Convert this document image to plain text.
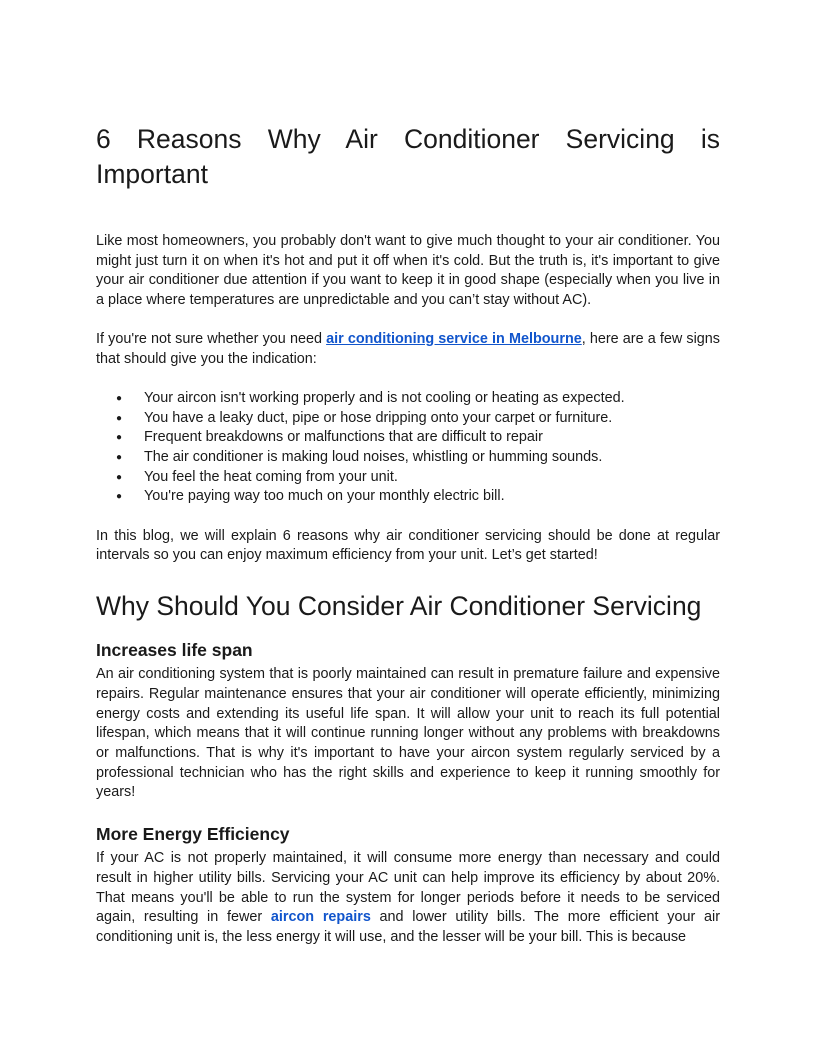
6 Reasons Why Air Conditioner Servicing is Important

Like most homeowners, you probably don't want to give much thought to your air conditioner. You might just turn it on when it's hot and put it off when it's cold. But the truth is, it's important to give your air conditioner due attention if you want to keep it in good shape (especially when you live in a place where temperatures are unpredictable and you can’t stay without AC).

If you're not sure whether you need air conditioning service in Melbourne, here are a few signs that should give you the indication:

● Your aircon isn't working properly and is not cooling or heating as expected.
● You have a leaky duct, pipe or hose dripping onto your carpet or furniture.
● Frequent breakdowns or malfunctions that are difficult to repair
● The air conditioner is making loud noises, whistling or humming sounds.
● You feel the heat coming from your unit.
● You're paying way too much on your monthly electric bill.

In this blog, we will explain 6 reasons why air conditioner servicing should be done at regular intervals so you can enjoy maximum efficiency from your unit. Let’s get started!

Why Should You Consider Air Conditioner Servicing
Increases life span

An air conditioning system that is poorly maintained can result in premature failure and expensive repairs. Regular maintenance ensures that your air conditioner will operate efficiently, minimizing energy costs and extending its useful life span. It will allow your unit to reach its full potential lifespan, which means that it will continue running longer without any problems with breakdowns or malfunctions. That is why it's important to have your aircon system regularly serviced by a professional technician who has the right skills and experience to keep it running smoothly for years!

More Energy Efficiency

If your AC is not properly maintained, it will consume more energy than necessary and could result in higher utility bills. Servicing your AC unit can help improve its efficiency by about 20%. That means you'll be able to run the system for longer periods before it needs to be serviced again, resulting in fewer aircon repairs and lower utility bills. The more efficient your air conditioning unit is, the less energy it will use, and the lesser will be your bill. This is because
